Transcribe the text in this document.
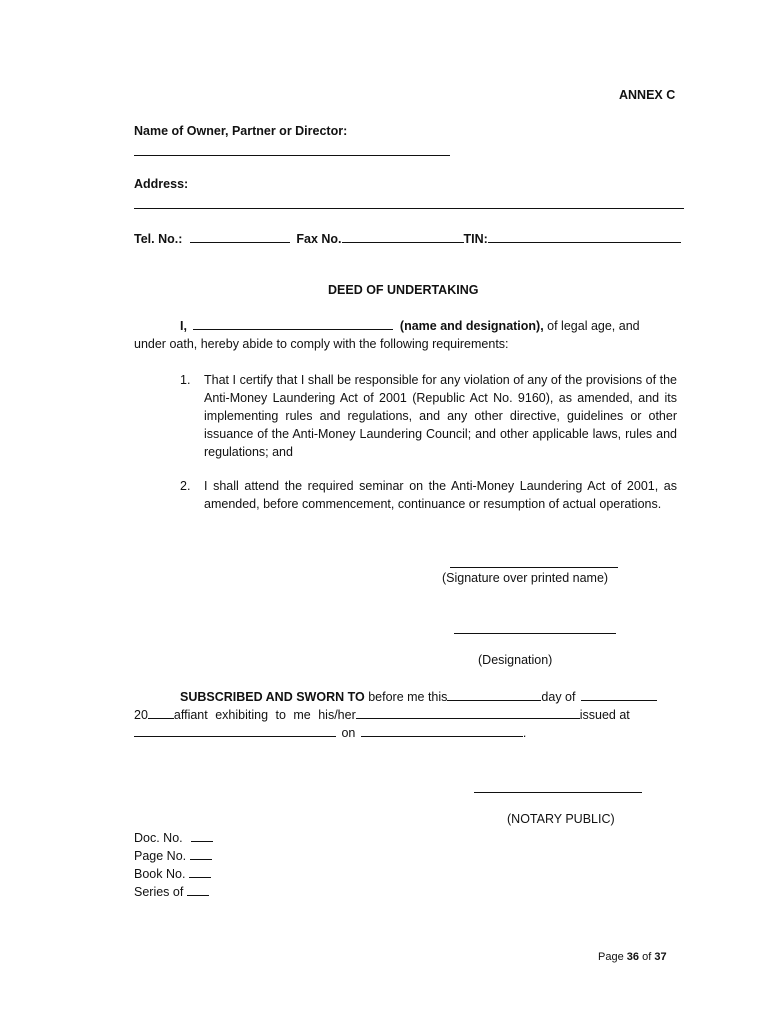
ANNEX C
Name of Owner, Partner or Director:
Address:
Tel. No.:	Fax No.	TIN:
DEED OF UNDERTAKING
I,	(name and designation), of legal age, and
under oath, hereby abide to comply with the following requirements:
1. That I certify that I shall be responsible for any violation of any of the provisions of the Anti-Money Laundering Act of 2001 (Republic Act No. 9160), as amended, and its implementing rules and regulations, and any other directive, guidelines or other issuance of the Anti-Money Laundering Council; and other applicable laws, rules and regulations; and
2. I shall attend the required seminar on the Anti-Money Laundering Act of 2001, as amended, before commencement, continuance or resumption of actual operations.
(Signature over printed name)
(Designation)
SUBSCRIBED AND SWORN TO before me this	day of
20 affiant exhibiting to me his/her	issued at
on	.
(NOTARY PUBLIC)
Doc. No.
Page No.
Book No.
Series of
Page 36 of 37
